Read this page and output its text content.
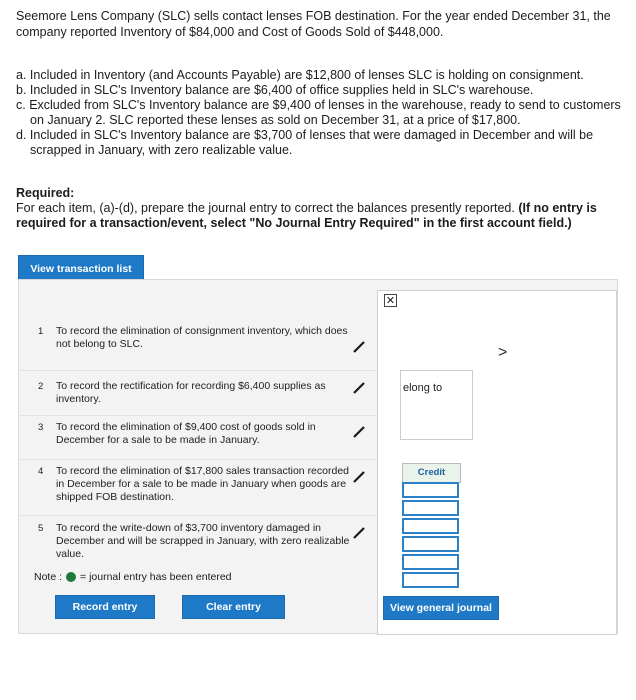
Seemore Lens Company (SLC) sells contact lenses FOB destination. For the year ended December 31, the company reported Inventory of $84,000 and Cost of Goods Sold of $448,000.

a. Included in Inventory (and Accounts Payable) are $12,800 of lenses SLC is holding on consignment.

b. Included in SLC's Inventory balance are $6,400 of office supplies held in SLC's warehouse.

c. Excluded from SLC's Inventory balance are $9,400 of lenses in the warehouse, ready to send to customers

on January 2. SLC reported these lenses as sold on December 31, at a price of $17,800.

d. Included in SLC's Inventory balance are $3,700 of lenses that were damaged in December and will be

scrapped in January, with zero realizable value.

Required:
For each item, (a)-(d), prepare the journal entry to correct the balances presently reported. (If no entry is required for a transaction/event, select "No Journal Entry Required" in the first account field.)
View transaction list
✕
>
elong to
Credit
1 To record the elimination of consignment inventory, which does not belong to SLC.
2 To record the rectification for recording $6,400 supplies as inventory.
3 To record the elimination of $9,400 cost of goods sold in December for a sale to be made in January.
4 To record the elimination of $17,800 sales transaction recorded in December for a sale to be made in January when goods are shipped FOB destination.
5 To record the write-down of $3,700 inventory damaged in December and will be scrapped in January, with zero realizable value.
Note : = journal entry has been entered
Record entry	Clear entry	View general journal
